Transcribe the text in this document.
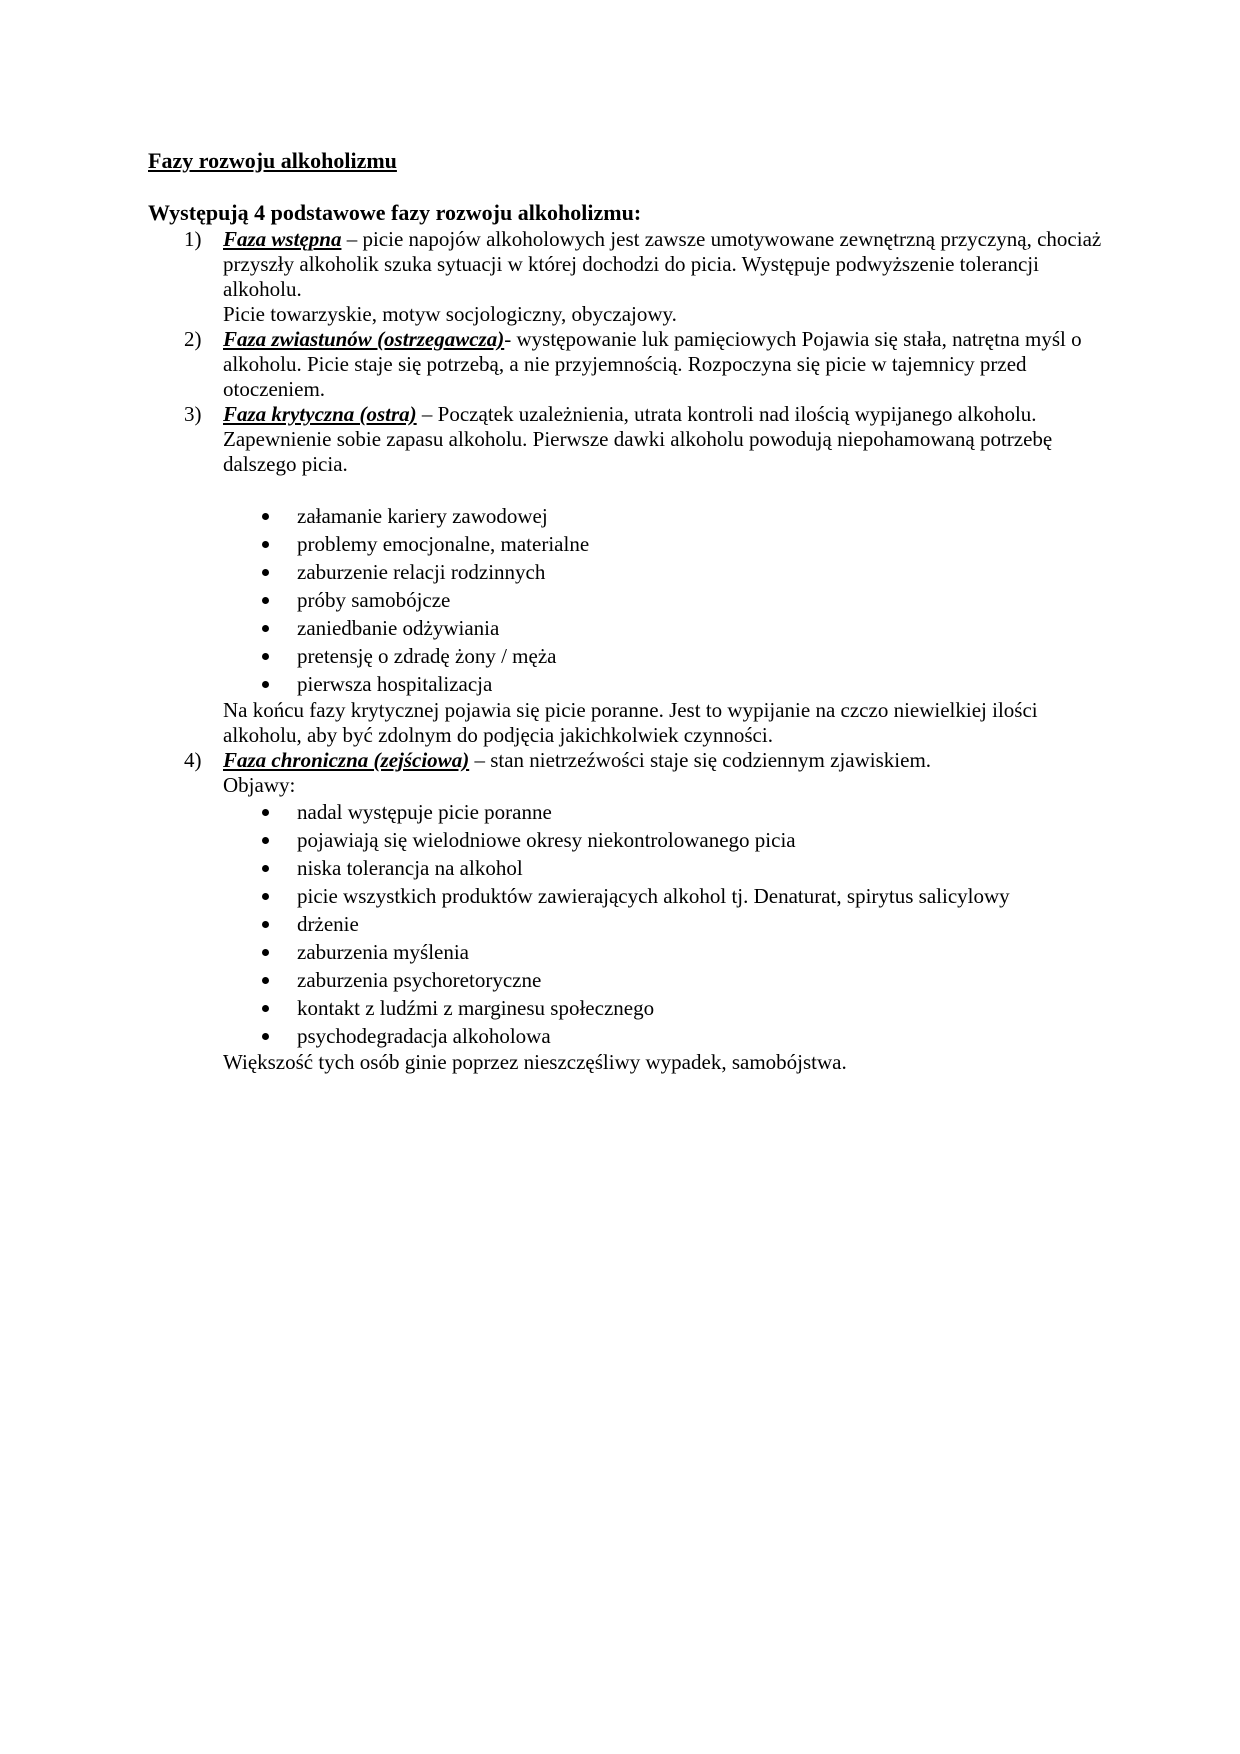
Fazy rozwoju alkoholizmu
Występują 4 podstawowe fazy rozwoju alkoholizmu:
1) Faza wstępna – picie napojów alkoholowych jest zawsze umotywowane zewnętrzną przyczyną, chociaż przyszły alkoholik szuka sytuacji w której dochodzi do picia. Występuje podwyższenie tolerancji alkoholu.

Picie towarzyskie, motyw socjologiczny, obyczajowy.

2) Faza zwiastunów (ostrzegawcza)- występowanie luk pamięciowych Pojawia się stała, natrętna myśl o alkoholu. Picie staje się potrzebą, a nie przyjemnością. Rozpoczyna się picie w tajemnicy przed otoczeniem.

3) Faza krytyczna (ostra) – Początek uzależnienia, utrata kontroli nad ilością wypijanego alkoholu. Zapewnienie sobie zapasu alkoholu. Pierwsze dawki alkoholu powodują niepohamowaną potrzebę dalszego picia.

załamanie kariery zawodowej
problemy emocjonalne, materialne
zaburzenie relacji rodzinnych
próby samobójcze
zaniedbanie odżywiania
pretensję o zdradę żony / męża
pierwsza hospitalizacja

Na końcu fazy krytycznej pojawia się picie poranne. Jest to wypijanie na czczo niewielkiej ilości alkoholu, aby być zdolnym do podjęcia jakichkolwiek czynności.

4) Faza chroniczna (zejściowa) – stan nietrzeźwości staje się codziennym zjawiskiem.

Objawy:

nadal występuje picie poranne
pojawiają się wielodniowe okresy niekontrolowanego picia
niska tolerancja na alkohol
picie wszystkich produktów zawierających alkohol tj. Denaturat, spirytus salicylowy
drżenie
zaburzenia myślenia
zaburzenia psychoretoryczne
kontakt z ludźmi z marginesu społecznego
psychodegradacja alkoholowa

Większość tych osób ginie poprzez nieszczęśliwy wypadek, samobójstwa.
